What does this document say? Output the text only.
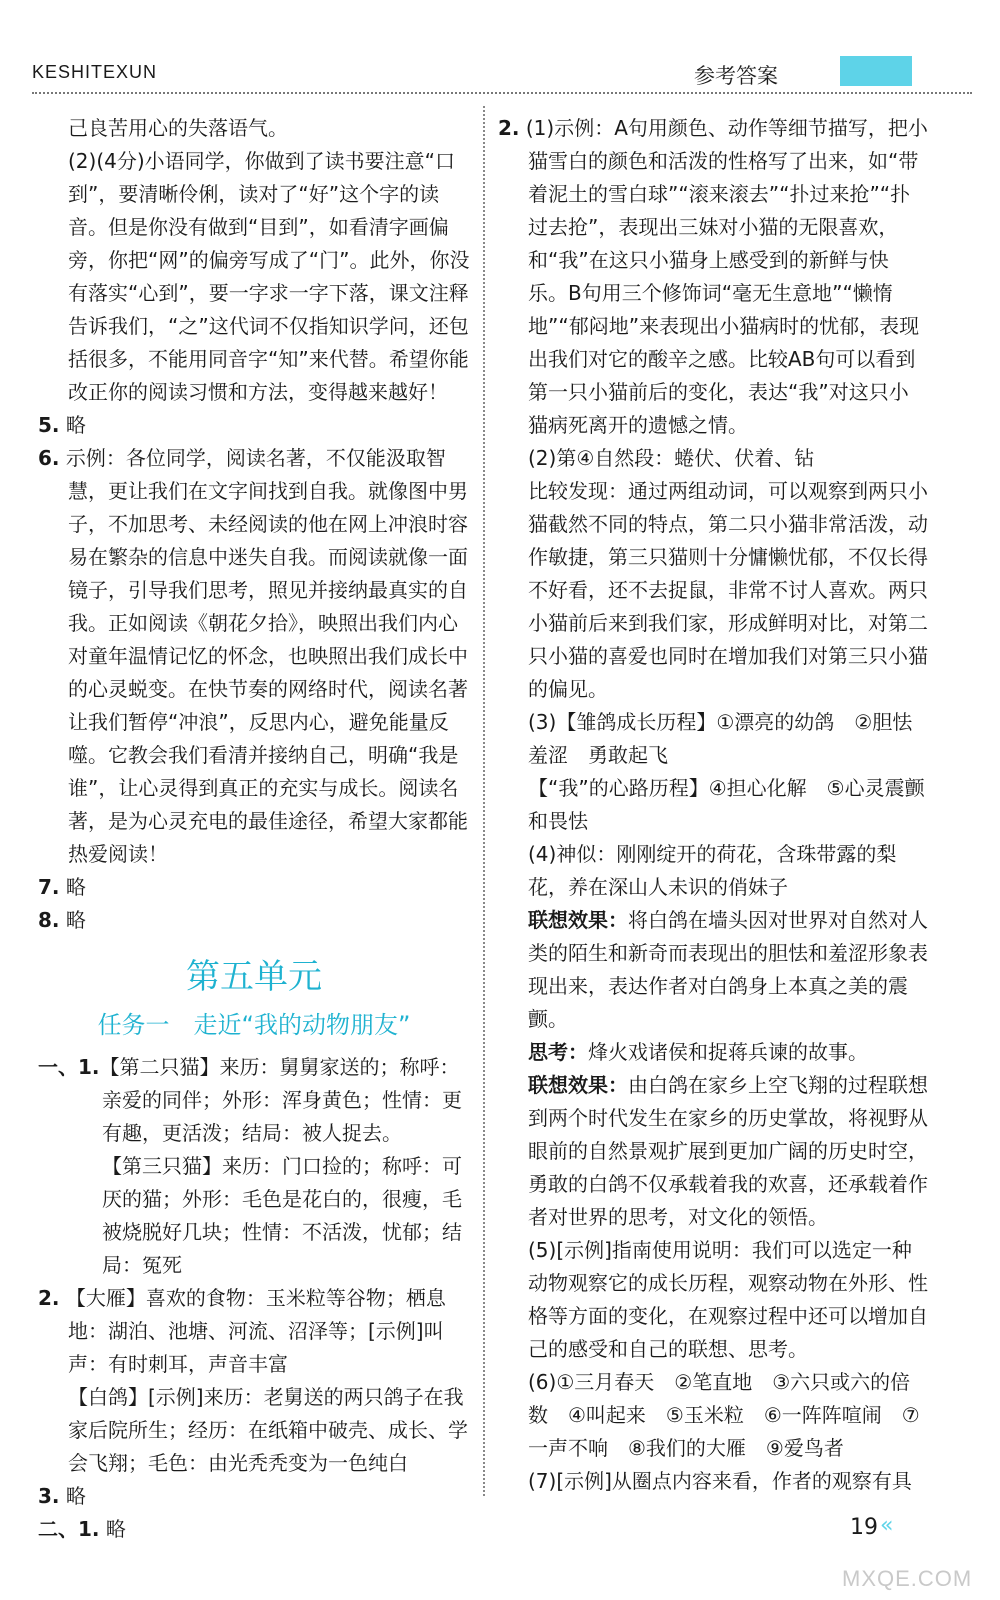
KESHITEXUN	参考答案

己良苦用心的失落语气。

(2)(4分)小语同学，你做到了读书要注意“口到”，要清晰伶俐，读对了“好”这个字的读音。但是你没有做到“目到”，如看清字画偏旁，你把“网”的偏旁写成了“门”。此外，你没有落实“心到”，要一字求一字下落，课文注释告诉我们，“之”这代词不仅指知识学问，还包括很多，不能用同音字“知”来代替。希望你能改正你的阅读习惯和方法，变得越来越好！

5. 略

6. 示例：各位同学，阅读名著，不仅能汲取智慧，更让我们在文字间找到自我。就像图中男子，不加思考、未经阅读的他在网上冲浪时容易在繁杂的信息中迷失自我。而阅读就像一面镜子，引导我们思考，照见并接纳最真实的自我。正如阅读《朝花夕拾》，映照出我们内心对童年温情记忆的怀念，也映照出我们成长中的心灵蜕变。在快节奏的网络时代，阅读名著让我们暂停“冲浪”，反思内心，避免能量反噬。它教会我们看清并接纳自己，明确“我是谁”，让心灵得到真正的充实与成长。阅读名著，是为心灵充电的最佳途径，希望大家都能热爱阅读！

7. 略

8. 略

第五单元
任务一　走近“我的动物朋友”

一、1.【第二只猫】来历：舅舅家送的；称呼：亲爱的同伴；外形：浑身黄色；性情：更有趣，更活泼；结局：被人捉去。

【第三只猫】来历：门口捡的；称呼：可厌的猫；外形：毛色是花白的，很瘦，毛被烧脱好几块；性情：不活泼，忧郁；结局：冤死

2. 【大雁】喜欢的食物：玉米粒等谷物；栖息地：湖泊、池塘、河流、沼泽等；[示例]叫声：有时刺耳，声音丰富

【白鸽】[示例]来历：老舅送的两只鸽子在我家后院所生；经历：在纸箱中破壳、成长、学会飞翔；毛色：由光秃秃变为一色纯白

3. 略

二、1. 略

2. (1)示例：A句用颜色、动作等细节描写，把小猫雪白的颜色和活泼的性格写了出来，如“带着泥土的雪白球”“滚来滚去”“扑过来抢”“扑过去抢”，表现出三妹对小猫的无限喜欢，和“我”在这只小猫身上感受到的新鲜与快乐。B句用三个修饰词“毫无生意地”“懒惰地”“郁闷地”来表现出小猫病时的忧郁，表现出我们对它的酸辛之感。比较AB句可以看到第一只小猫前后的变化，表达“我”对这只小猫病死离开的遗憾之情。

(2)第④自然段：蜷伏、伏着、钻

比较发现：通过两组动词，可以观察到两只小猫截然不同的特点，第二只小猫非常活泼，动作敏捷，第三只猫则十分慵懒忧郁，不仅长得不好看，还不去捉鼠，非常不讨人喜欢。两只小猫前后来到我们家，形成鲜明对比，对第二只小猫的喜爱也同时在增加我们对第三只小猫的偏见。

(3)【雏鸽成长历程】①漂亮的幼鸽　②胆怯羞涩　勇敢起飞

【“我”的心路历程】④担心化解　⑤心灵震颤和畏怯

(4)神似：刚刚绽开的荷花，含珠带露的梨花，养在深山人未识的俏妹子

联想效果：将白鸽在墙头因对世界对自然对人类的陌生和新奇而表现出的胆怯和羞涩形象表现出来，表达作者对白鸽身上本真之美的震颤。

思考：烽火戏诸侯和捉蒋兵谏的故事。

联想效果：由白鸽在家乡上空飞翔的过程联想到两个时代发生在家乡的历史掌故，将视野从眼前的自然景观扩展到更加广阔的历史时空，勇敢的白鸽不仅承载着我的欢喜，还承载着作者对世界的思考，对文化的领悟。

(5)[示例]指南使用说明：我们可以选定一种动物观察它的成长历程，观察动物在外形、性格等方面的变化，在观察过程中还可以增加自己的感受和自己的联想、思考。

(6)①三月春天　②笔直地　③六只或六的倍数　④叫起来　⑤玉米粒　⑥一阵阵喧闹　⑦一声不响　⑧我们的大雁　⑨爱鸟者

(7)[示例]从圈点内容来看，作者的观察有具

19 «
MXQE.COM
